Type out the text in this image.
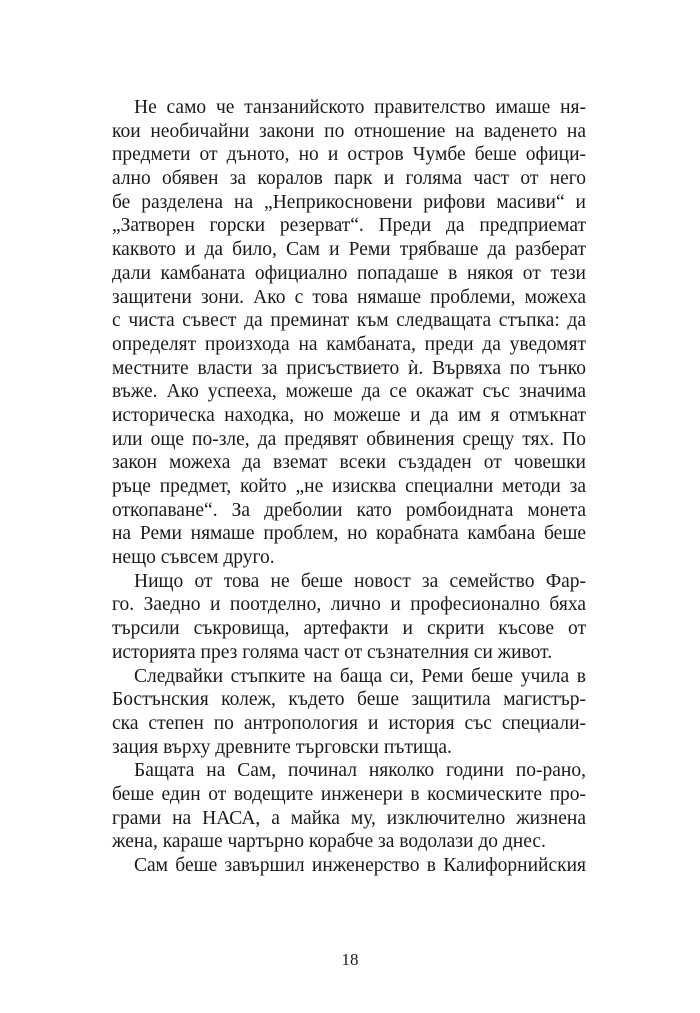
Не само че танзанийското правителство имаше ня-
кои необичайни закони по отношение на ваденето на
предмети от дъното, но и остров Чумбе беше офици-
ално обявен за коралов парк и голяма част от него
бе разделена на „Неприкосновени рифови масиви“ и
„Затворен горски резерват“. Преди да предприемат
каквото и да било, Сам и Реми трябваше да разберат
дали камбаната официално попадаше в някоя от тези
защитени зони. Ако с това нямаше проблеми, можеха
с чиста съвест да преминат към следващата стъпка: да
определят произхода на камбаната, преди да уведомят
местните власти за присъствието ѝ. Вървяха по тънко
въже. Ако успееха, можеше да се окажат със значима
историческа находка, но можеше и да им я отмъкнат
или още по-зле, да предявят обвинения срещу тях. По
закон можеха да вземат всеки създаден от човешки
ръце предмет, който „не изисква специални методи за
откопаване“. За дреболии като ромбоидната монета
на Реми нямаше проблем, но корабната камбана беше
нещо съвсем друго.
Нищо от това не беше новост за семейство Фар-
го. Заедно и поотделно, лично и професионално бяха
търсили съкровища, артефакти и скрити късове от
историята през голяма част от съзнателния си живот.
Следвайки стъпките на баща си, Реми беше учила в
Бостънския колеж, където беше защитила магистър-
ска степен по антропология и история със специали-
зация върху древните търговски пътища.
Бащата на Сам, починал няколко години по-рано,
беше един от водещите инженери в космическите про-
грами на НАСА, а майка му, изключително жизнена
жена, караше чартърно корабче за водолази до днес.
Сам беше завършил инженерство в Калифорнийския
18
